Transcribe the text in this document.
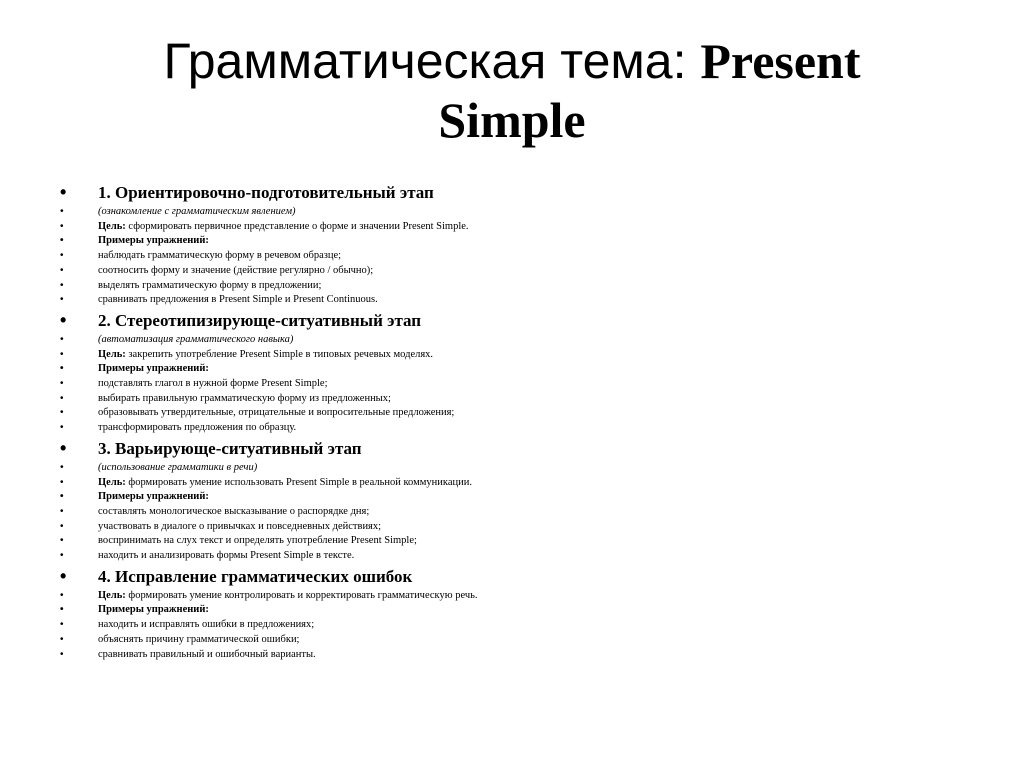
Грамматическая тема: Present
Simple
• 1. Ориентировочно-подготовительный этап
• (ознакомление с грамматическим явлением)
• Цель: сформировать первичное представление о форме и значении Present Simple.
• Примеры упражнений:
• наблюдать грамматическую форму в речевом образце;
• соотносить форму и значение (действие регулярно / обычно);
• выделять грамматическую форму в предложении;
• сравнивать предложения в Present Simple и Present Continuous.
• 2. Стереотипизирующе-ситуативный этап
• (автоматизация грамматического навыка)
• Цель: закрепить употребление Present Simple в типовых речевых моделях.
• Примеры упражнений:
• подставлять глагол в нужной форме Present Simple;
• выбирать правильную грамматическую форму из предложенных;
• образовывать утвердительные, отрицательные и вопросительные предложения;
• трансформировать предложения по образцу.
• 3. Варьирующе-ситуативный этап
• (использование грамматики в речи)
• Цель: формировать умение использовать Present Simple в реальной коммуникации.
• Примеры упражнений:
• составлять монологическое высказывание о распорядке дня;
• участвовать в диалоге о привычках и повседневных действиях;
• воспринимать на слух текст и определять употребление Present Simple;
• находить и анализировать формы Present Simple в тексте.
• 4. Исправление грамматических ошибок
• Цель: формировать умение контролировать и корректировать грамматическую речь.
• Примеры упражнений:
• находить и исправлять ошибки в предложениях;
• объяснять причину грамматической ошибки;
• сравнивать правильный и ошибочный варианты.
